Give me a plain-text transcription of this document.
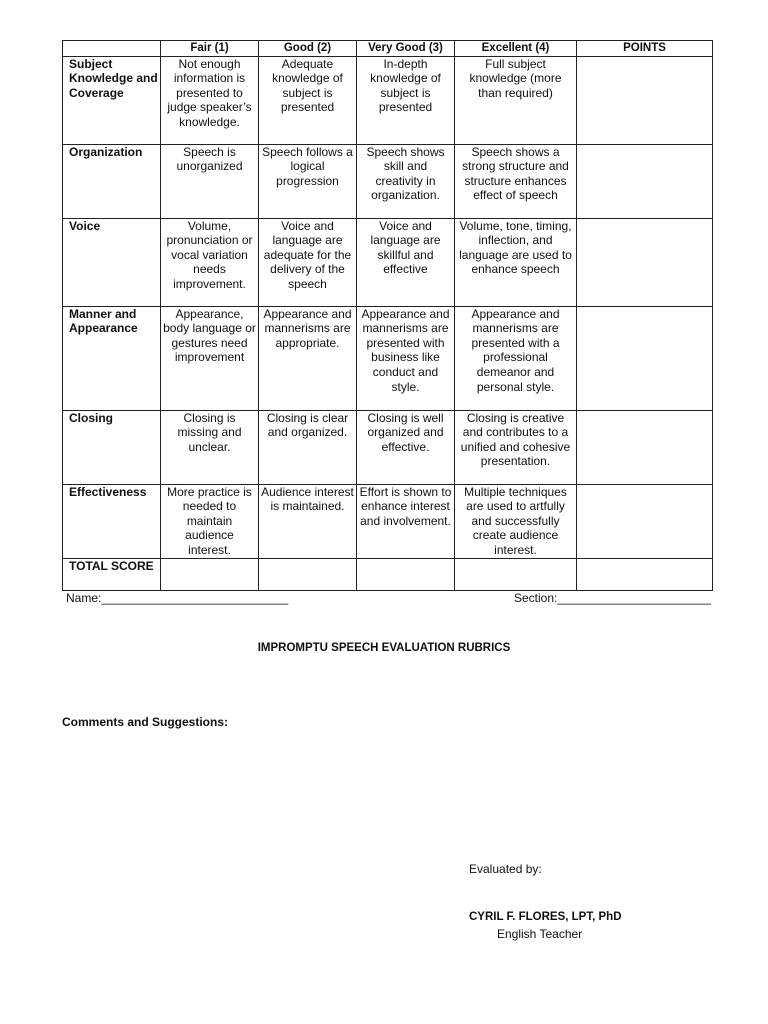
	Fair (1)	Good (2)	Very Good (3)	Excellent (4)	POINTS
Subject Knowledge and Coverage	Not enough information is presented to judge speaker’s knowledge.	Adequate knowledge of subject is presented	In-depth knowledge of subject is presented	Full subject knowledge (more than required)	
Organization	Speech is unorganized	Speech follows a logical progression	Speech shows skill and creativity in organization.	Speech shows a strong structure and structure enhances effect of speech	
Voice	Volume, pronunciation or vocal variation needs improvement.	Voice and language are adequate for the delivery of the speech	Voice and language are skillful and effective	Volume, tone, timing, inflection, and language are used to enhance speech	
Manner and Appearance	Appearance, body language or gestures need improvement	Appearance and mannerisms are appropriate.	Appearance and mannerisms are presented with business like conduct and style.	Appearance and mannerisms are presented with a professional demeanor and personal style.	
Closing	Closing is missing and unclear.	Closing is clear and organized.	Closing is well organized and effective.	Closing is creative and contributes to a unified and cohesive presentation.	
Effectiveness	More practice is needed to maintain audience interest.	Audience interest is maintained.	Effort is shown to enhance interest and involvement.	Multiple techniques are used to artfully and successfully create audience interest.	
TOTAL SCORE					
Name:____________________________	Section:_______________________
IMPROMPTU SPEECH EVALUATION RUBRICS
Comments and Suggestions:
Evaluated by:
CYRIL F. FLORES, LPT, PhD
English Teacher
